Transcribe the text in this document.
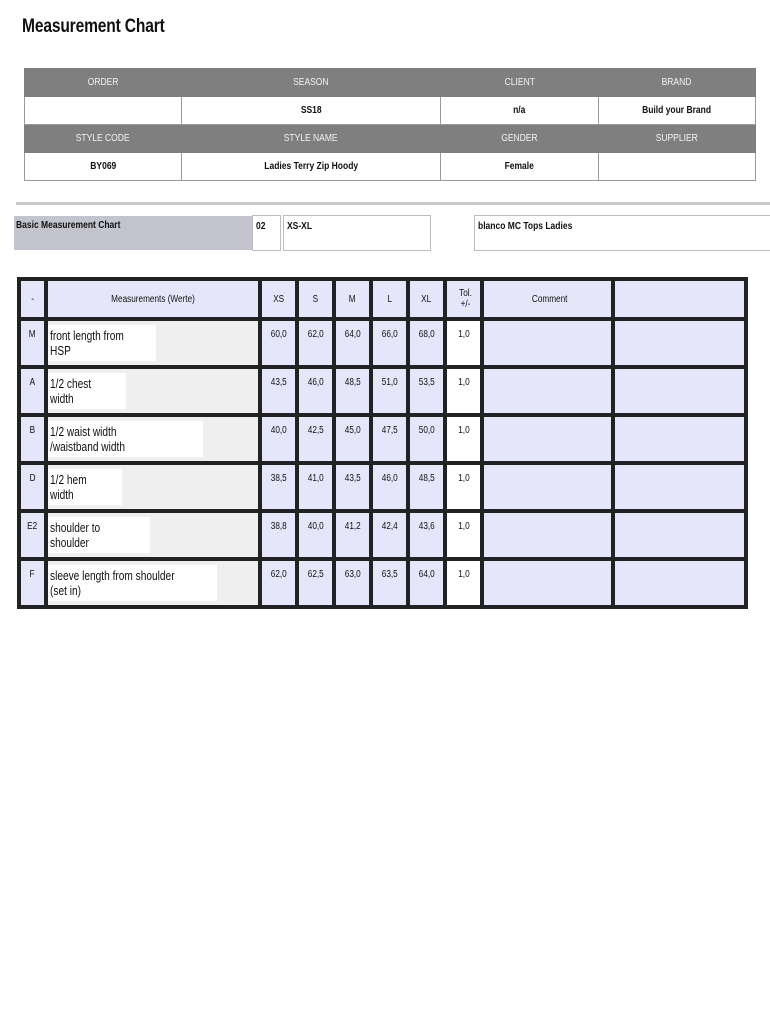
Measurement Chart
ORDER	SEASON	CLIENT	BRAND
	SS18	n/a	Build your Brand
STYLE CODE	STYLE NAME	GENDER	SUPPLIER
BY069	Ladies Terry Zip Hoody	Female	
Basic Measurement Chart	02 XS-XL	blanco MC Tops Ladies
-	Measurements (Werte)	XS	S	M	L	XL	Tol. +/-	Comment	
M	front length from HSP	60,0	62,0	64,0	66,0	68,0	1,0		
A	1/2 chest width	43,5	46,0	48,5	51,0	53,5	1,0		
B	1/2 waist width /waistband width	40,0	42,5	45,0	47,5	50,0	1,0		
D	1/2 hem width	38,5	41,0	43,5	46,0	48,5	1,0		
E2	shoulder to shoulder	38,8	40,0	41,2	42,4	43,6	1,0		
F	sleeve length from shoulder (set in)	62,0	62,5	63,0	63,5	64,0	1,0		
